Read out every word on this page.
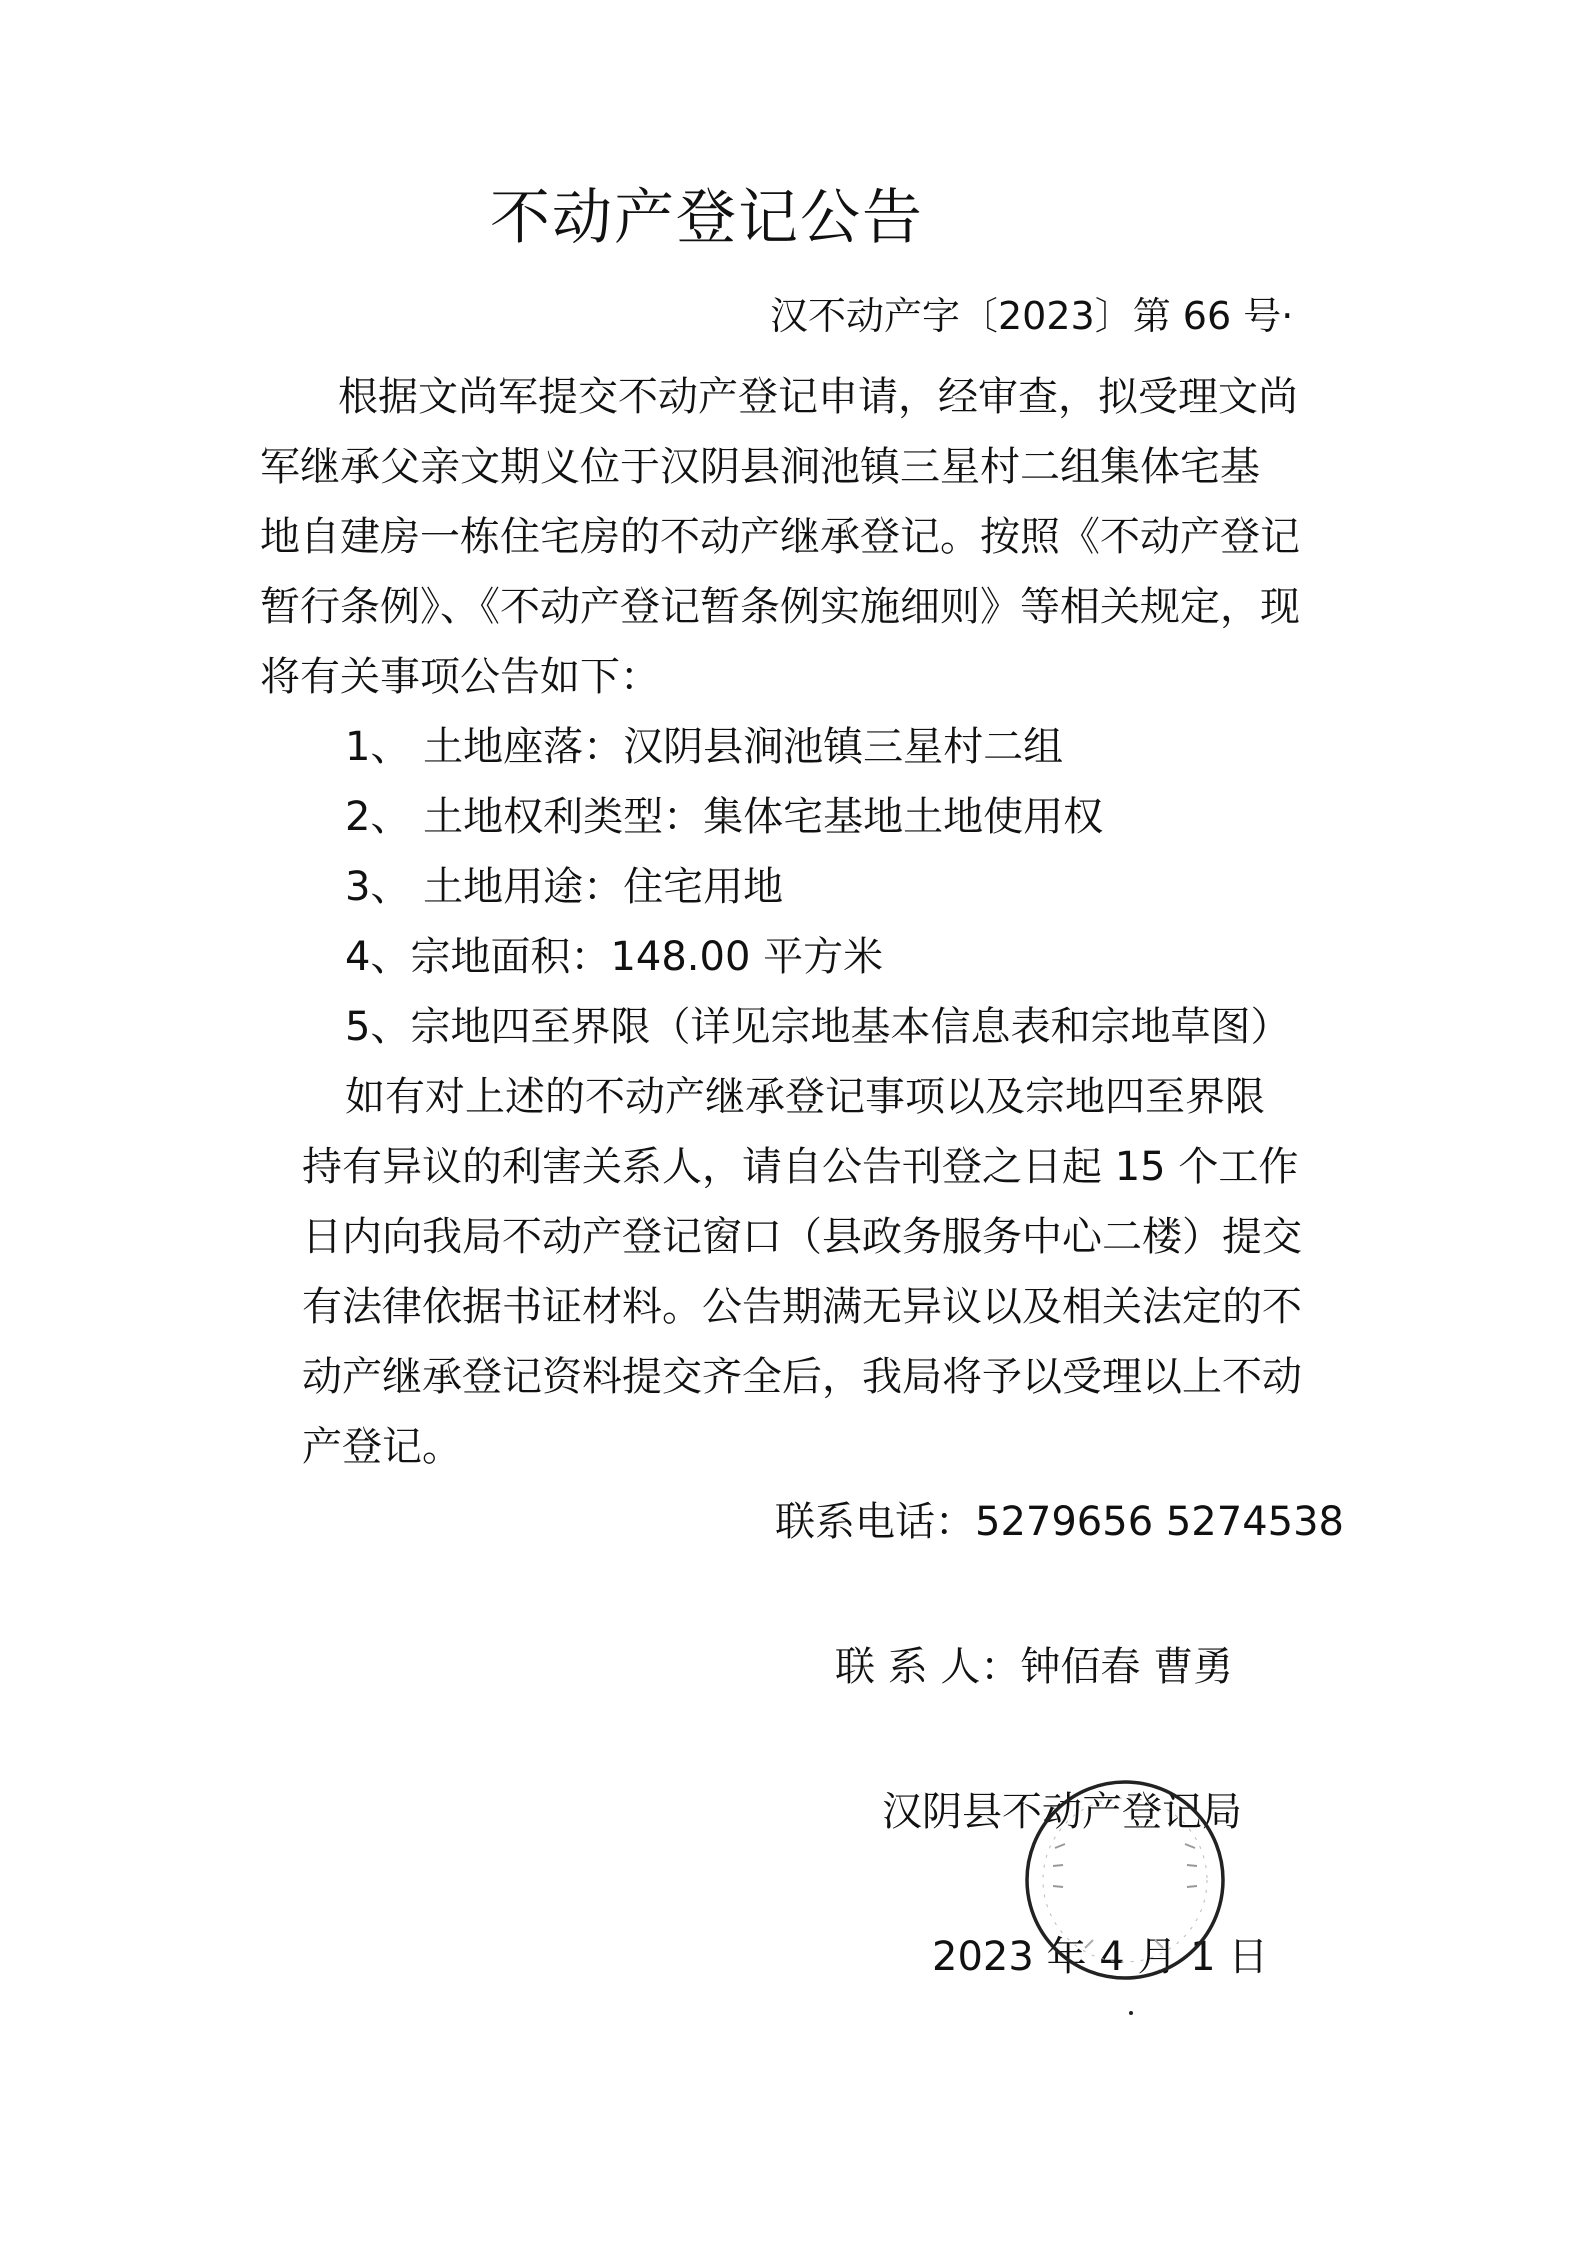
不动产登记公告
汉不动产字〔2023〕第 66 号·
根据文尚军提交不动产登记申请，经审查，拟受理文尚
军继承父亲文期义位于汉阴县涧池镇三星村二组集体宅基
地自建房一栋住宅房的不动产继承登记。按照《不动产登记
暂行条例》、《不动产登记暂条例实施细则》等相关规定，现
将有关事项公告如下：
1、 土地座落：汉阴县涧池镇三星村二组
2、 土地权利类型：集体宅基地土地使用权
3、 土地用途：住宅用地
4、宗地面积：148.00 平方米
5、宗地四至界限（详见宗地基本信息表和宗地草图）
如有对上述的不动产继承登记事项以及宗地四至界限
持有异议的利害关系人，请自公告刊登之日起 15 个工作
日内向我局不动产登记窗口（县政务服务中心二楼）提交
有法律依据书证材料。公告期满无异议以及相关法定的不
动产继承登记资料提交齐全后，我局将予以受理以上不动
产登记。
联系电话：5279656 5274538
联 系 人：钟佰春 曹勇
汉阴县不动产登记局
2023 年 4 月 1 日
